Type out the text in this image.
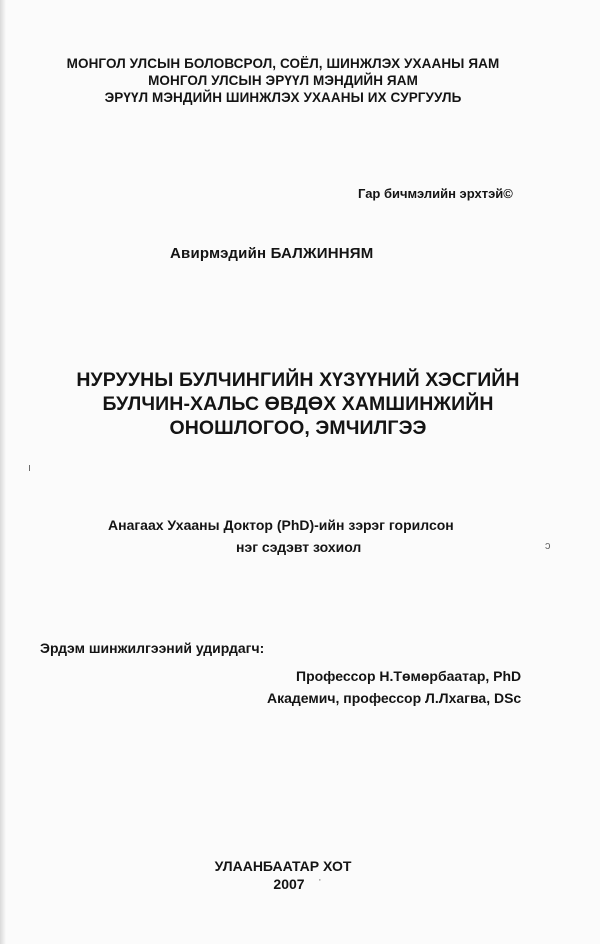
МОНГОЛ УЛСЫН БОЛОВСРОЛ, СОЁЛ, ШИНЖЛЭХ УХААНЫ ЯАМ
МОНГОЛ УЛСЫН ЭРҮҮЛ МЭНДИЙН ЯАМ
ЭРҮҮЛ МЭНДИЙН ШИНЖЛЭХ УХААНЫ ИХ СУРГУУЛЬ
Гар бичмэлийн эрхтэй©
Авирмэдийн БАЛЖИННЯМ
НУРУУНЫ БУЛЧИНГИЙН ХҮЗҮҮНИЙ ХЭСГИЙН
БУЛЧИН-ХАЛЬС ӨВДӨХ ХАМШИНЖИЙН
ОНОШЛОГОО, ЭМЧИЛГЭЭ
Анагаах Ухааны Доктор (PhD)-ийн зэрэг горилсон
нэг сэдэвт зохиол
Эрдэм шинжилгээний удирдагч:
Профессор Н.Төмөрбаатар, PhD
Академич, профессор Л.Лхагва, DSc
УЛААНБААТАР ХОТ
2007
ı
ↄ
·
